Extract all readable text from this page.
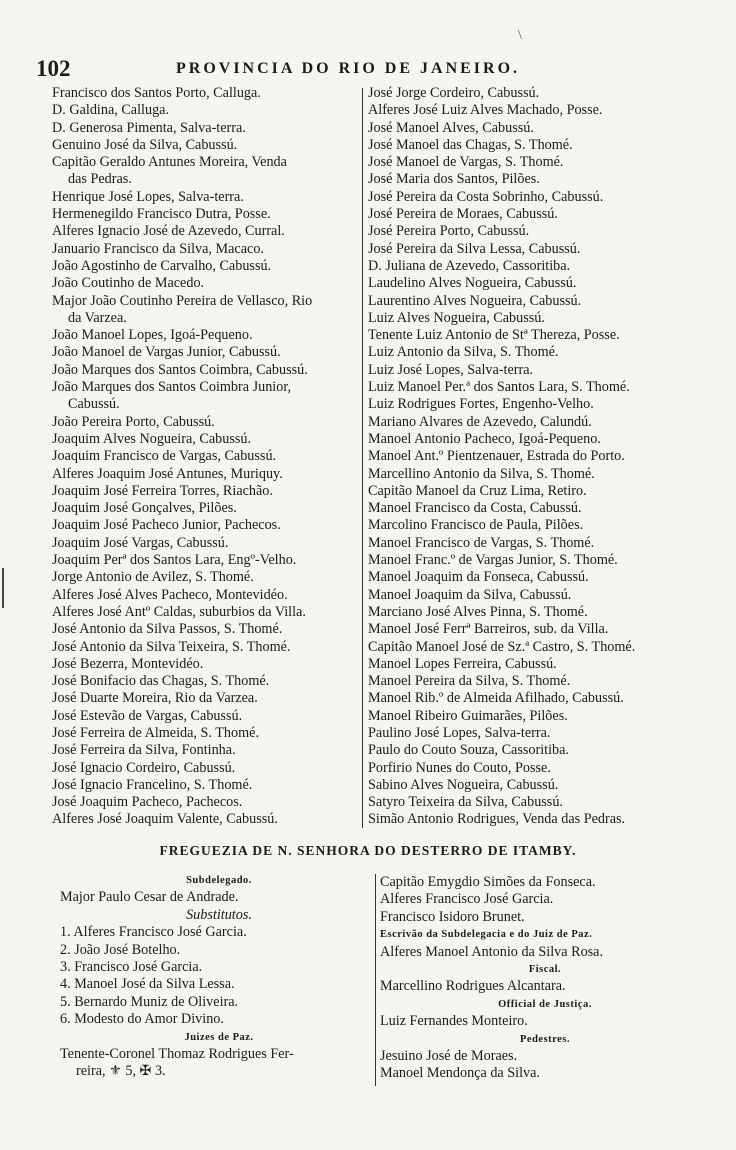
102	PROVINCIA DO RIO DE JANEIRO.
Francisco dos Santos Porto, Calluga.
D. Galdina, Calluga.
D. Generosa Pimenta, Salva-terra.
Genuino José da Silva, Cabussú.
Capitão Geraldo Antunes Moreira, Venda
das Pedras.
Henrique José Lopes, Salva-terra.
Hermenegildo Francisco Dutra, Posse.
Alferes Ignacio José de Azevedo, Curral.
Januario Francisco da Silva, Macaco.
João Agostinho de Carvalho, Cabussú.
João Coutinho de Macedo.
Major João Coutinho Pereira de Vellasco, Rio
da Varzea.
João Manoel Lopes, Igoá-Pequeno.
João Manoel de Vargas Junior, Cabussú.
João Marques dos Santos Coimbra, Cabussú.
João Marques dos Santos Coimbra Junior,
Cabussú.
João Pereira Porto, Cabussú.
Joaquim Alves Nogueira, Cabussú.
Joaquim Francisco de Vargas, Cabussú.
Alferes Joaquim José Antunes, Muriquy.
Joaquim José Ferreira Torres, Riachão.
Joaquim José Gonçalves, Pilões.
Joaquim José Pacheco Junior, Pachecos.
Joaquim José Vargas, Cabussú.
Joaquim Perª dos Santos Lara, Engº-Velho.
Jorge Antonio de Avilez, S. Thomé.
Alferes José Alves Pacheco, Montevidéo.
Alferes José Antº Caldas, suburbios da Villa.
José Antonio da Silva Passos, S. Thomé.
José Antonio da Silva Teixeira, S. Thomé.
José Bezerra, Montevidéo.
José Bonifacio das Chagas, S. Thomé.
José Duarte Moreira, Rio da Varzea.
José Estevão de Vargas, Cabussú.
José Ferreira de Almeida, S. Thomé.
José Ferreira da Silva, Fontinha.
José Ignacio Cordeiro, Cabussú.
José Ignacio Francelino, S. Thomé.
José Joaquim Pacheco, Pachecos.
Alferes José Joaquim Valente, Cabussú.
José Jorge Cordeiro, Cabussú.
Alferes José Luiz Alves Machado, Posse.
José Manoel Alves, Cabussú.
José Manoel das Chagas, S. Thomé.
José Manoel de Vargas, S. Thomé.
José Maria dos Santos, Pilões.
José Pereira da Costa Sobrinho, Cabussú.
José Pereira de Moraes, Cabussú.
José Pereira Porto, Cabussú.
José Pereira da Silva Lessa, Cabussú.
D. Juliana de Azevedo, Cassoritiba.
Laudelino Alves Nogueira, Cabussú.
Laurentino Alves Nogueira, Cabussú.
Luiz Alves Nogueira, Cabussú.
Tenente Luiz Antonio de Stª Thereza, Posse.
Luiz Antonio da Silva, S. Thomé.
Luiz José Lopes, Salva-terra.
Luiz Manoel Per.ª dos Santos Lara, S. Thomé.
Luiz Rodrigues Fortes, Engenho-Velho.
Mariano Alvares de Azevedo, Calundú.
Manoel Antonio Pacheco, Igoá-Pequeno.
Manoel Ant.º Pientzenauer, Estrada do Porto.
Marcellino Antonio da Silva, S. Thomé.
Capitão Manoel da Cruz Lima, Retiro.
Manoel Francisco da Costa, Cabussú.
Marcolino Francisco de Paula, Pilões.
Manoel Francisco de Vargas, S. Thomé.
Manoel Franc.º de Vargas Junior, S. Thomé.
Manoel Joaquim da Fonseca, Cabussú.
Manoel Joaquim da Silva, Cabussú.
Marciano José Alves Pinna, S. Thomé.
Manoel José Ferrª Barreiros, sub. da Villa.
Capitão Manoel José de Sz.ª Castro, S. Thomé.
Manoel Lopes Ferreira, Cabussú.
Manoel Pereira da Silva, S. Thomé.
Manoel Rib.º de Almeida Afilhado, Cabussú.
Manoel Ribeiro Guimarães, Pilões.
Paulino José Lopes, Salva-terra.
Paulo do Couto Souza, Cassoritiba.
Porfirio Nunes do Couto, Posse.
Sabino Alves Nogueira, Cabussú.
Satyro Teixeira da Silva, Cabussú.
Simão Antonio Rodrigues, Venda das Pedras.
FREGUEZIA DE N. SENHORA DO DESTERRO DE ITAMBY.
Subdelegado.
Major Paulo Cesar de Andrade.
Substitutos.
1. Alferes Francisco José Garcia.
2. João José Botelho.
3. Francisco José Garcia.
4. Manoel José da Silva Lessa.
5. Bernardo Muniz de Oliveira.
6. Modesto do Amor Divino.
Juizes de Paz.
Tenente-Coronel Thomaz Rodrigues Fer-
reira, ⚜ 5, ✠ 3.
Capitão Emygdio Simões da Fonseca.
Alferes Francisco José Garcia.
Francisco Isidoro Brunet.
Escrivão da Subdelegacia e do Juiz de Paz.
Alferes Manoel Antonio da Silva Rosa.
Fiscal.
Marcellino Rodrigues Alcantara.
Official de Justiça.
Luiz Fernandes Monteiro.
Pedestres.
Jesuino José de Moraes.
Manoel Mendonça da Silva.
\
